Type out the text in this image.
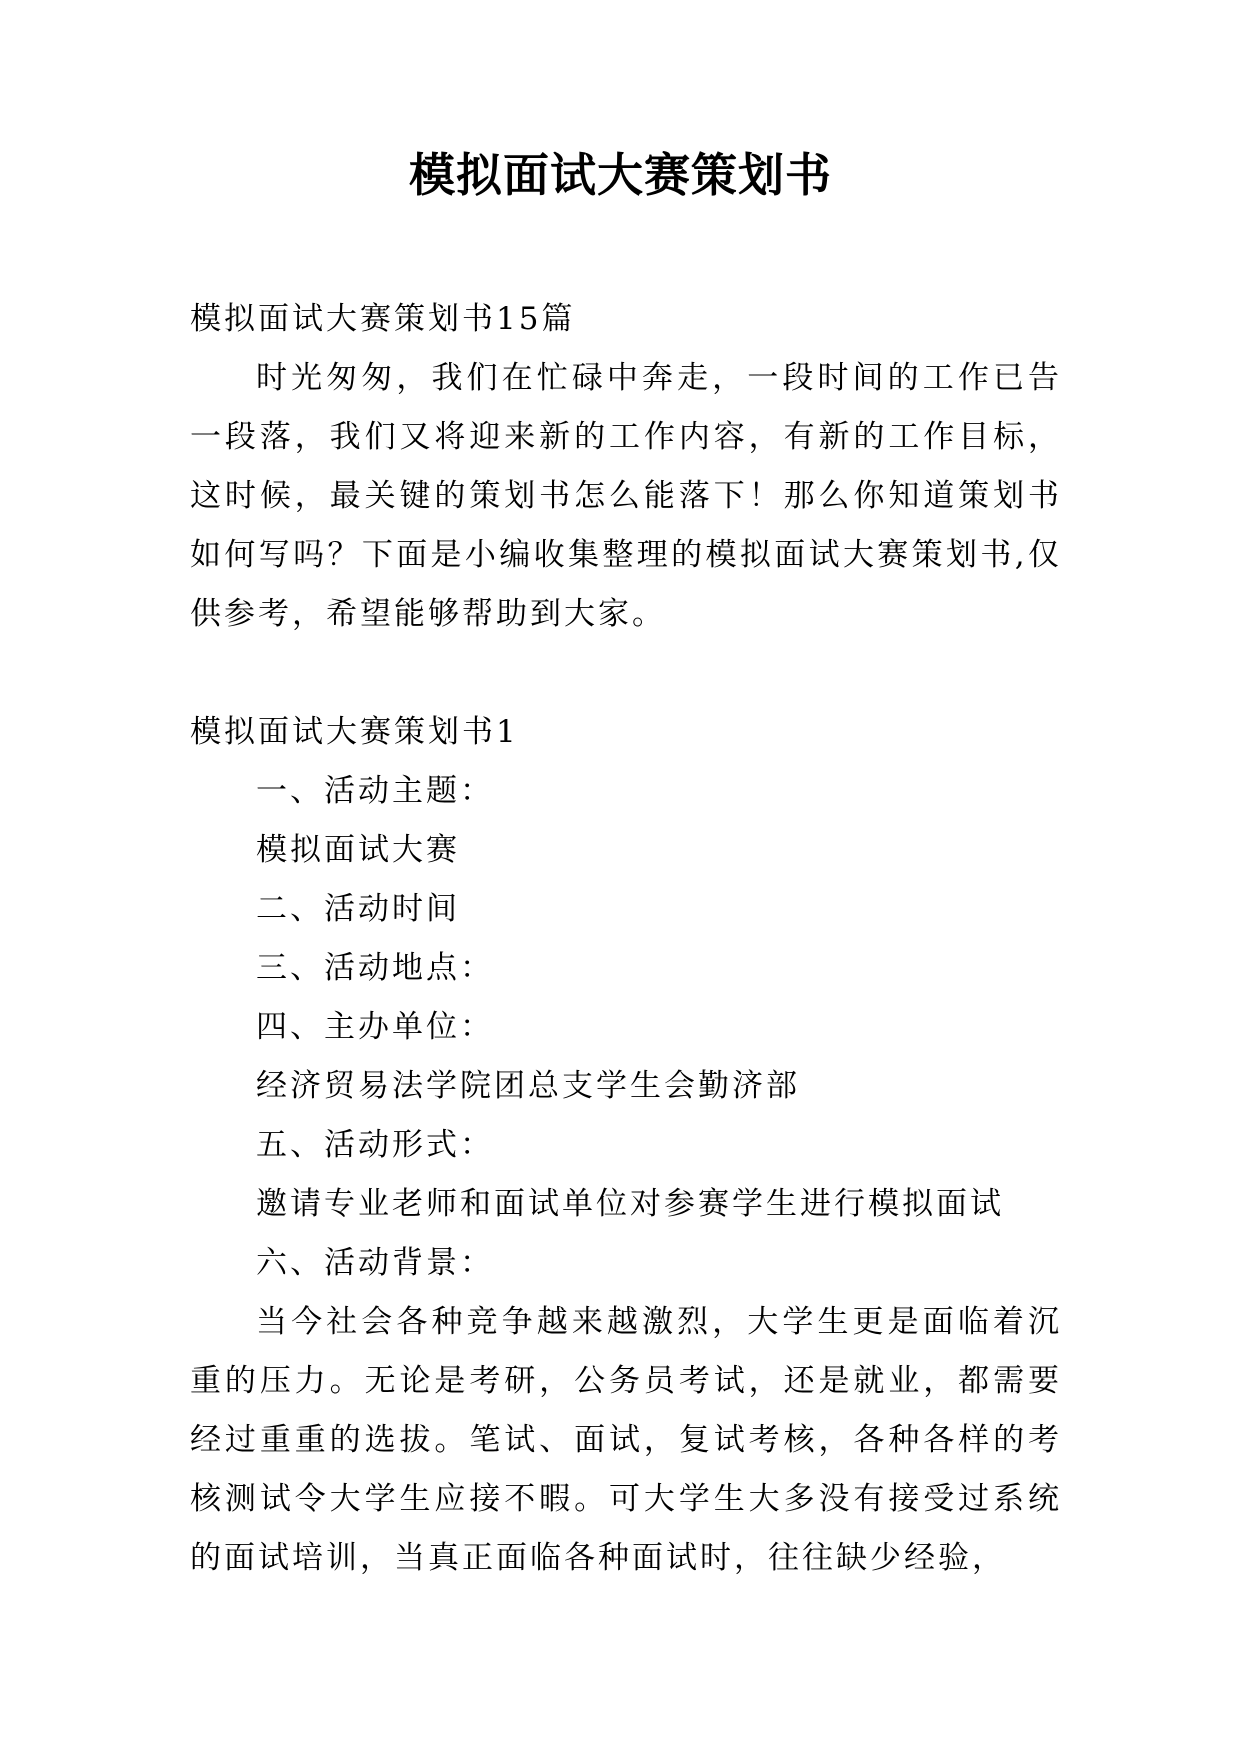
模拟面试大赛策划书

模拟面试大赛策划书15篇

时光匆匆，我们在忙碌中奔走，一段时间的工作已告一段落，我们又将迎来新的工作内容，有新的工作目标，这时候，最关键的策划书怎么能落下！那么你知道策划书如何写吗？下面是小编收集整理的模拟面试大赛策划书,仅供参考，希望能够帮助到大家。

模拟面试大赛策划书1

一、活动主题：

模拟面试大赛

二、活动时间

三、活动地点：

四、主办单位：

经济贸易法学院团总支学生会勤济部

五、活动形式：

邀请专业老师和面试单位对参赛学生进行模拟面试

六、活动背景：

当今社会各种竞争越来越激烈，大学生更是面临着沉重的压力。无论是考研，公务员考试，还是就业，都需要经过重重的选拔。笔试、面试，复试考核，各种各样的考核测试令大学生应接不暇。可大学生大多没有接受过系统的面试培训，当真正面临各种面试时，往往缺少经验，
